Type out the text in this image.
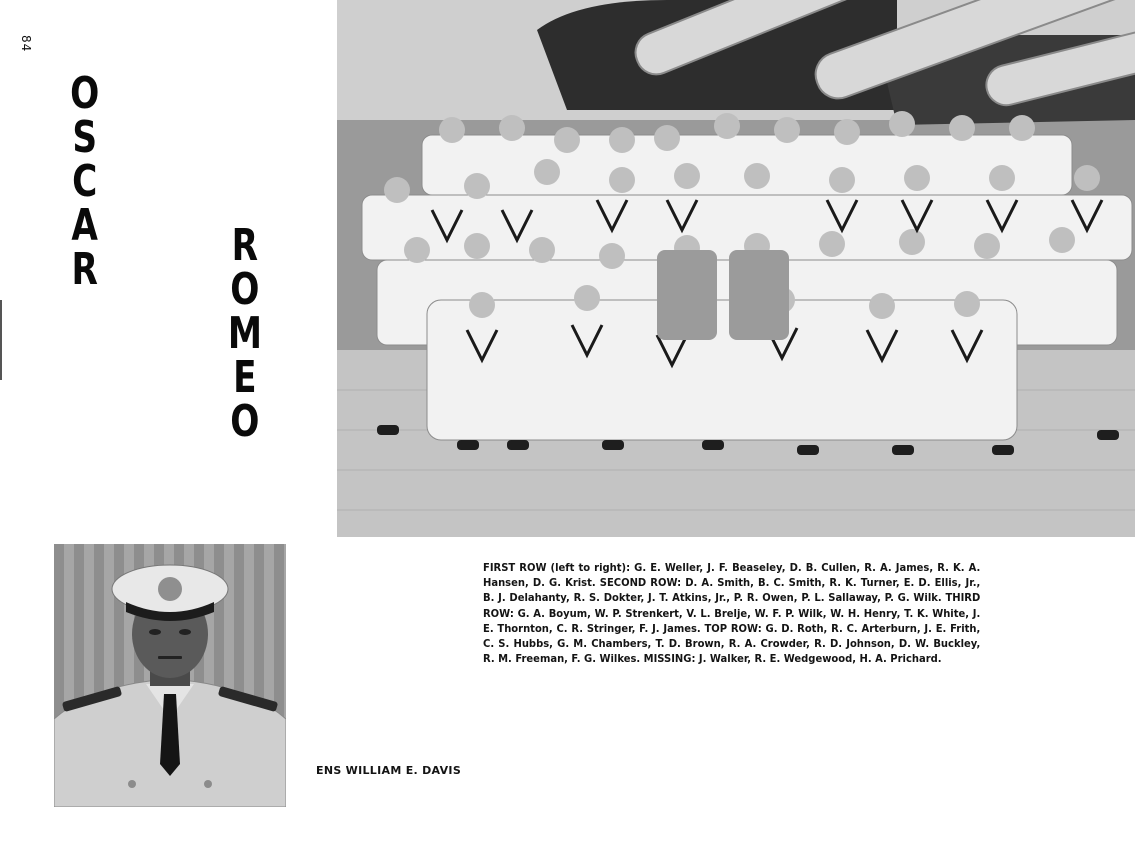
84
O
S
C
A
R	R
O
M
E
O
FIRST ROW (left to right): G. E. Weller, J. F. Beaseley, D. B. Cullen, R. A. James, R. K. A. Hansen, D. G. Krist. SECOND ROW: D. A. Smith, B. C. Smith, R. K. Turner, E. D. Ellis, Jr., B. J. Delahanty, R. S. Dokter, J. T. Atkins, Jr., P. R. Owen, P. L. Sallaway, P. G. Wilk. THIRD ROW: G. A. Boyum, W. P. Strenkert, V. L. Brelje, W. F. P. Wilk, W. H. Henry, T. K. White, J. E. Thornton, C. R. Stringer, F. J. James. TOP ROW: G. D. Roth, R. C. Arterburn, J. E. Frith, C. S. Hubbs, G. M. Chambers, T. D. Brown, R. A. Crowder, R. D. Johnson, D. W. Buckley, R. M. Freeman, F. G. Wilkes. MISSING: J. Walker, R. E. Wedgewood, H. A. Prichard.
ENS WILLIAM E. DAVIS
